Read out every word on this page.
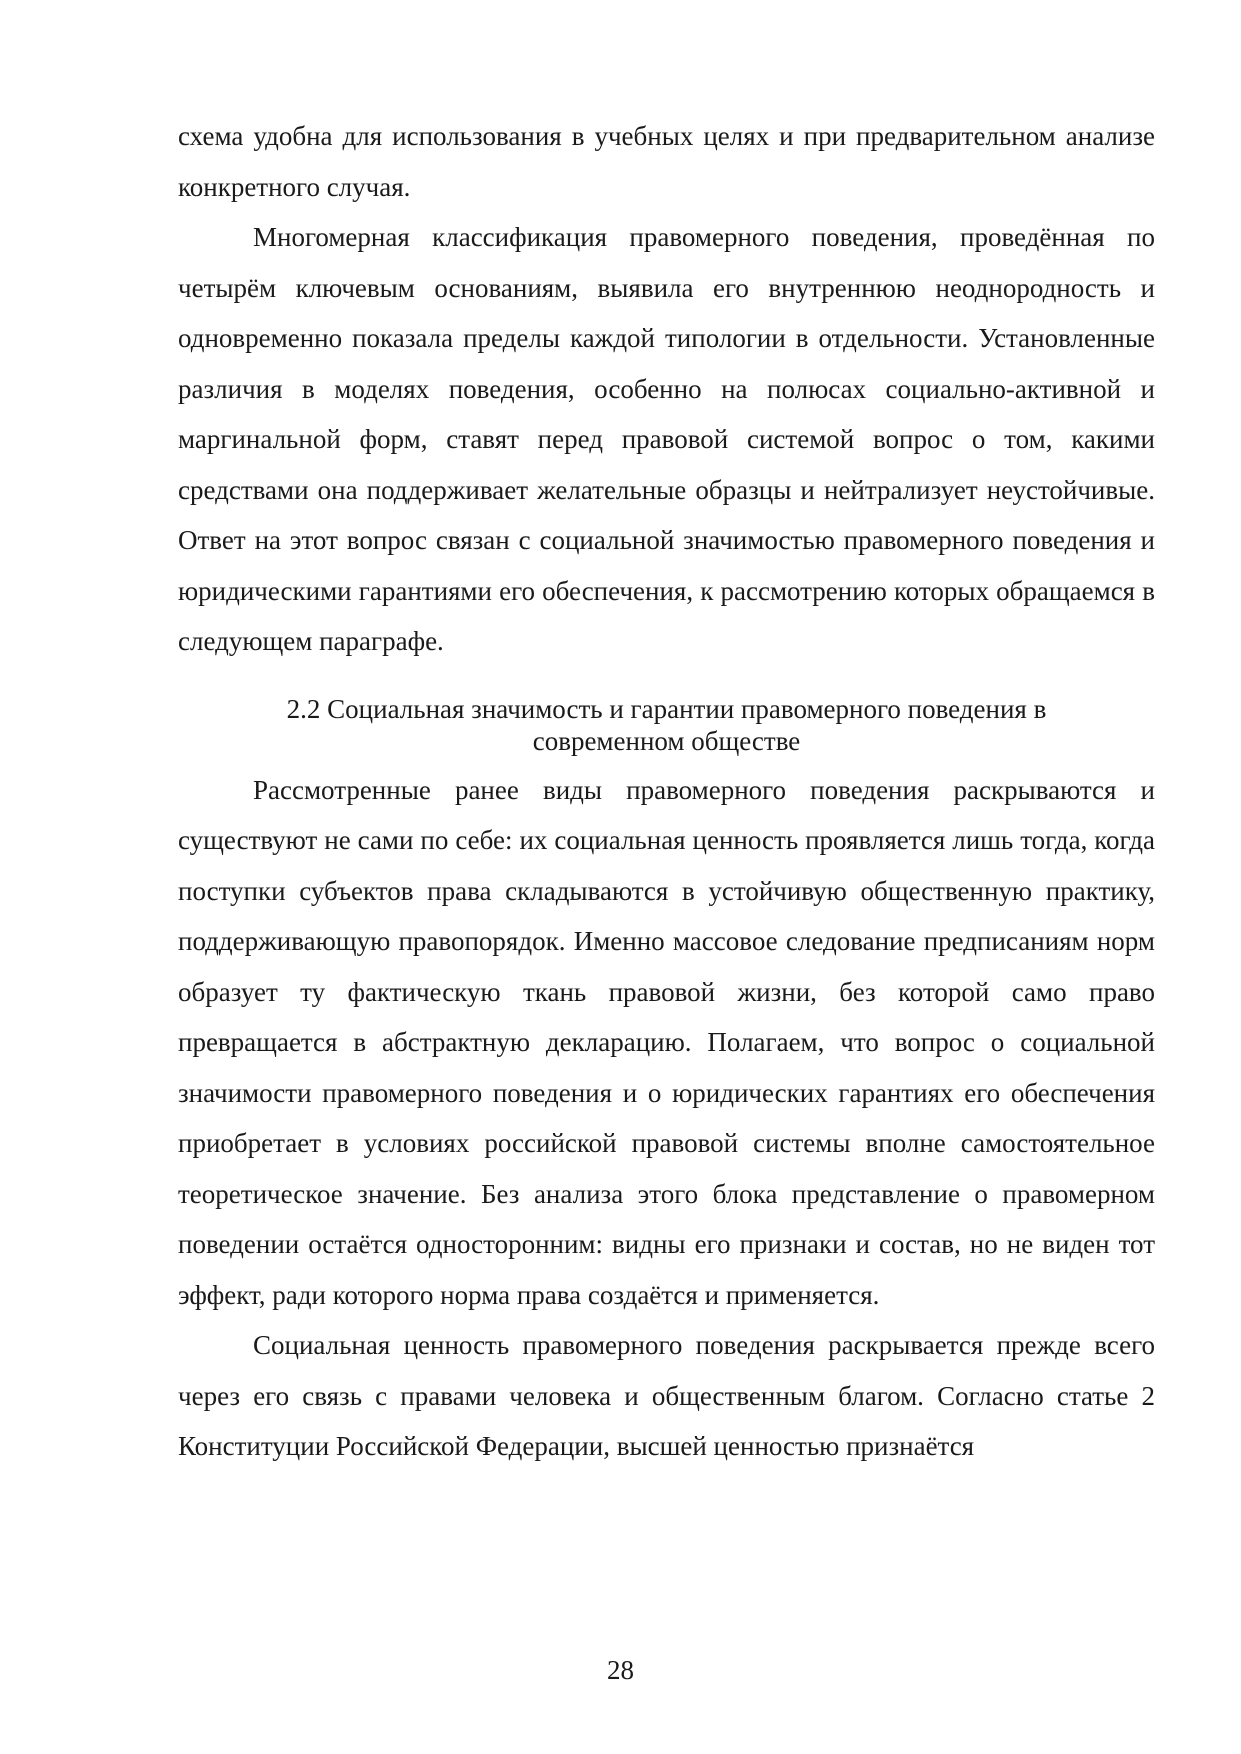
схема удобна для использования в учебных целях и при предварительном анализе конкретного случая.

Многомерная классификация правомерного поведения, проведённая по четырём ключевым основаниям, выявила его внутреннюю неоднородность и одновременно показала пределы каждой типологии в отдельности. Установленные различия в моделях поведения, особенно на полюсах социально-активной и маргинальной форм, ставят перед правовой системой вопрос о том, какими средствами она поддерживает желательные образцы и нейтрализует неустойчивые. Ответ на этот вопрос связан с социальной значимостью правомерного поведения и юридическими гарантиями его обеспечения, к рассмотрению которых обращаемся в следующем параграфе.

2.2 Социальная значимость и гарантии правомерного поведения в современном обществе

Рассмотренные ранее виды правомерного поведения раскрываются и существуют не сами по себе: их социальная ценность проявляется лишь тогда, когда поступки субъектов права складываются в устойчивую общественную практику, поддерживающую правопорядок. Именно массовое следование предписаниям норм образует ту фактическую ткань правовой жизни, без которой само право превращается в абстрактную декларацию. Полагаем, что вопрос о социальной значимости правомерного поведения и о юридических гарантиях его обеспечения приобретает в условиях российской правовой системы вполне самостоятельное теоретическое значение. Без анализа этого блока представление о правомерном поведении остаётся односторонним: видны его признаки и состав, но не виден тот эффект, ради которого норма права создаётся и применяется.

Социальная ценность правомерного поведения раскрывается прежде всего через его связь с правами человека и общественным благом. Согласно статье 2 Конституции Российской Федерации, высшей ценностью признаётся

28
